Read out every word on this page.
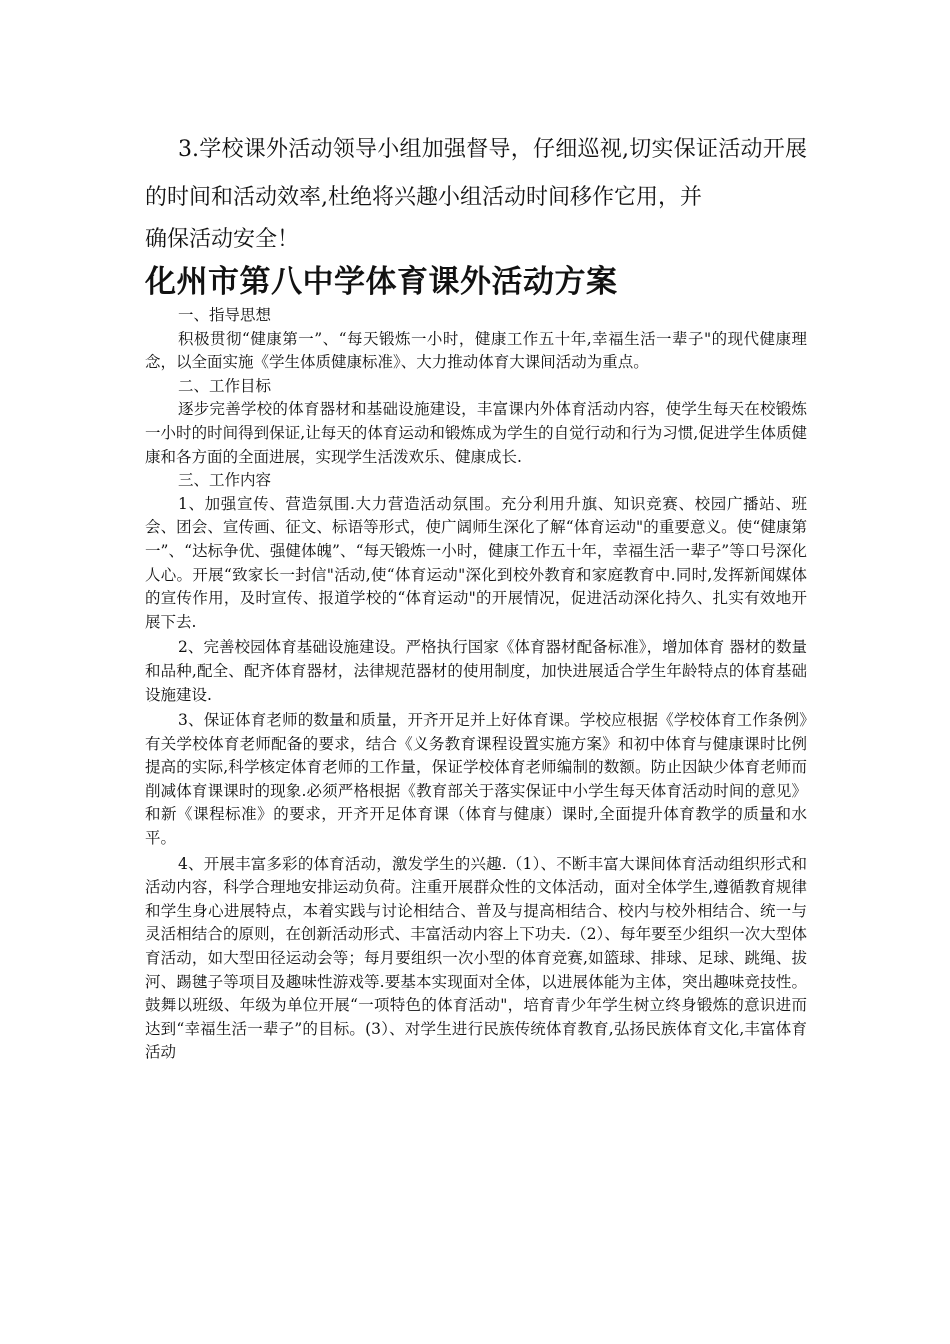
3.学校课外活动领导小组加强督导，仔细巡视,切实保证活动开展的时间和活动效率,杜绝将兴趣小组活动时间移作它用，并
确保活动安全！

化州市第八中学体育课外活动方案

一、指导思想

积极贯彻“健康第一”、“每天锻炼一小时，健康工作五十年,幸福生活一辈子"的现代健康理念，以全面实施《学生体质健康标准》、大力推动体育大课间活动为重点。

二、工作目标

逐步完善学校的体育器材和基础设施建设，丰富课内外体育活动内容，使学生每天在校锻炼一小时的时间得到保证,让每天的体育运动和锻炼成为学生的自觉行动和行为习惯,促进学生体质健康和各方面的全面进展，实现学生活泼欢乐、健康成长.

三、工作内容

1、加强宣传、营造氛围.大力营造活动氛围。充分利用升旗、知识竞赛、校园广播站、班会、团会、宣传画、征文、标语等形式，使广阔师生深化了解“体育运动"的重要意义。使“健康第一”、“达标争优、强健体魄”、“每天锻炼一小时，健康工作五十年，幸福生活一辈子”等口号深化人心。开展“致家长一封信"活动,使“体育运动"深化到校外教育和家庭教育中.同时,发挥新闻媒体的宣传作用，及时宣传、报道学校的“体育运动"的开展情况，促进活动深化持久、扎实有效地开展下去.

2、完善校园体育基础设施建设。严格执行国家《体育器材配备标准》，增加体育 器材的数量和品种,配全、配齐体育器材，法律规范器材的使用制度，加快进展适合学生年龄特点的体育基础设施建设.

3、保证体育老师的数量和质量，开齐开足并上好体育课。学校应根据《学校体育工作条例》有关学校体育老师配备的要求，结合《义务教育课程设置实施方案》和初中体育与健康课时比例提高的实际,科学核定体育老师的工作量，保证学校体育老师编制的数额。防止因缺少体育老师而削减体育课课时的现象.必须严格根据《教育部关于落实保证中小学生每天体育活动时间的意见》和新《课程标准》的要求，开齐开足体育课（体育与健康）课时,全面提升体育教学的质量和水平。

4、开展丰富多彩的体育活动，激发学生的兴趣.（1）、不断丰富大课间体育活动组织形式和活动内容，科学合理地安排运动负荷。注重开展群众性的文体活动，面对全体学生,遵循教育规律和学生身心进展特点，本着实践与讨论相结合、普及与提高相结合、校内与校外相结合、统一与灵活相结合的原则，在创新活动形式、丰富活动内容上下功夫.（2）、每年要至少组织一次大型体育活动，如大型田径运动会等；每月要组织一次小型的体育竞赛,如篮球、排球、足球、跳绳、拔河、踢毽子等项目及趣味性游戏等.要基本实现面对全体，以进展体能为主体，突出趣味竞技性。鼓舞以班级、年级为单位开展“一项特色的体育活动"，培育青少年学生树立终身锻炼的意识进而达到“幸福生活一辈子”的目标。(3）、对学生进行民族传统体育教育,弘扬民族体育文化,丰富体育活动
